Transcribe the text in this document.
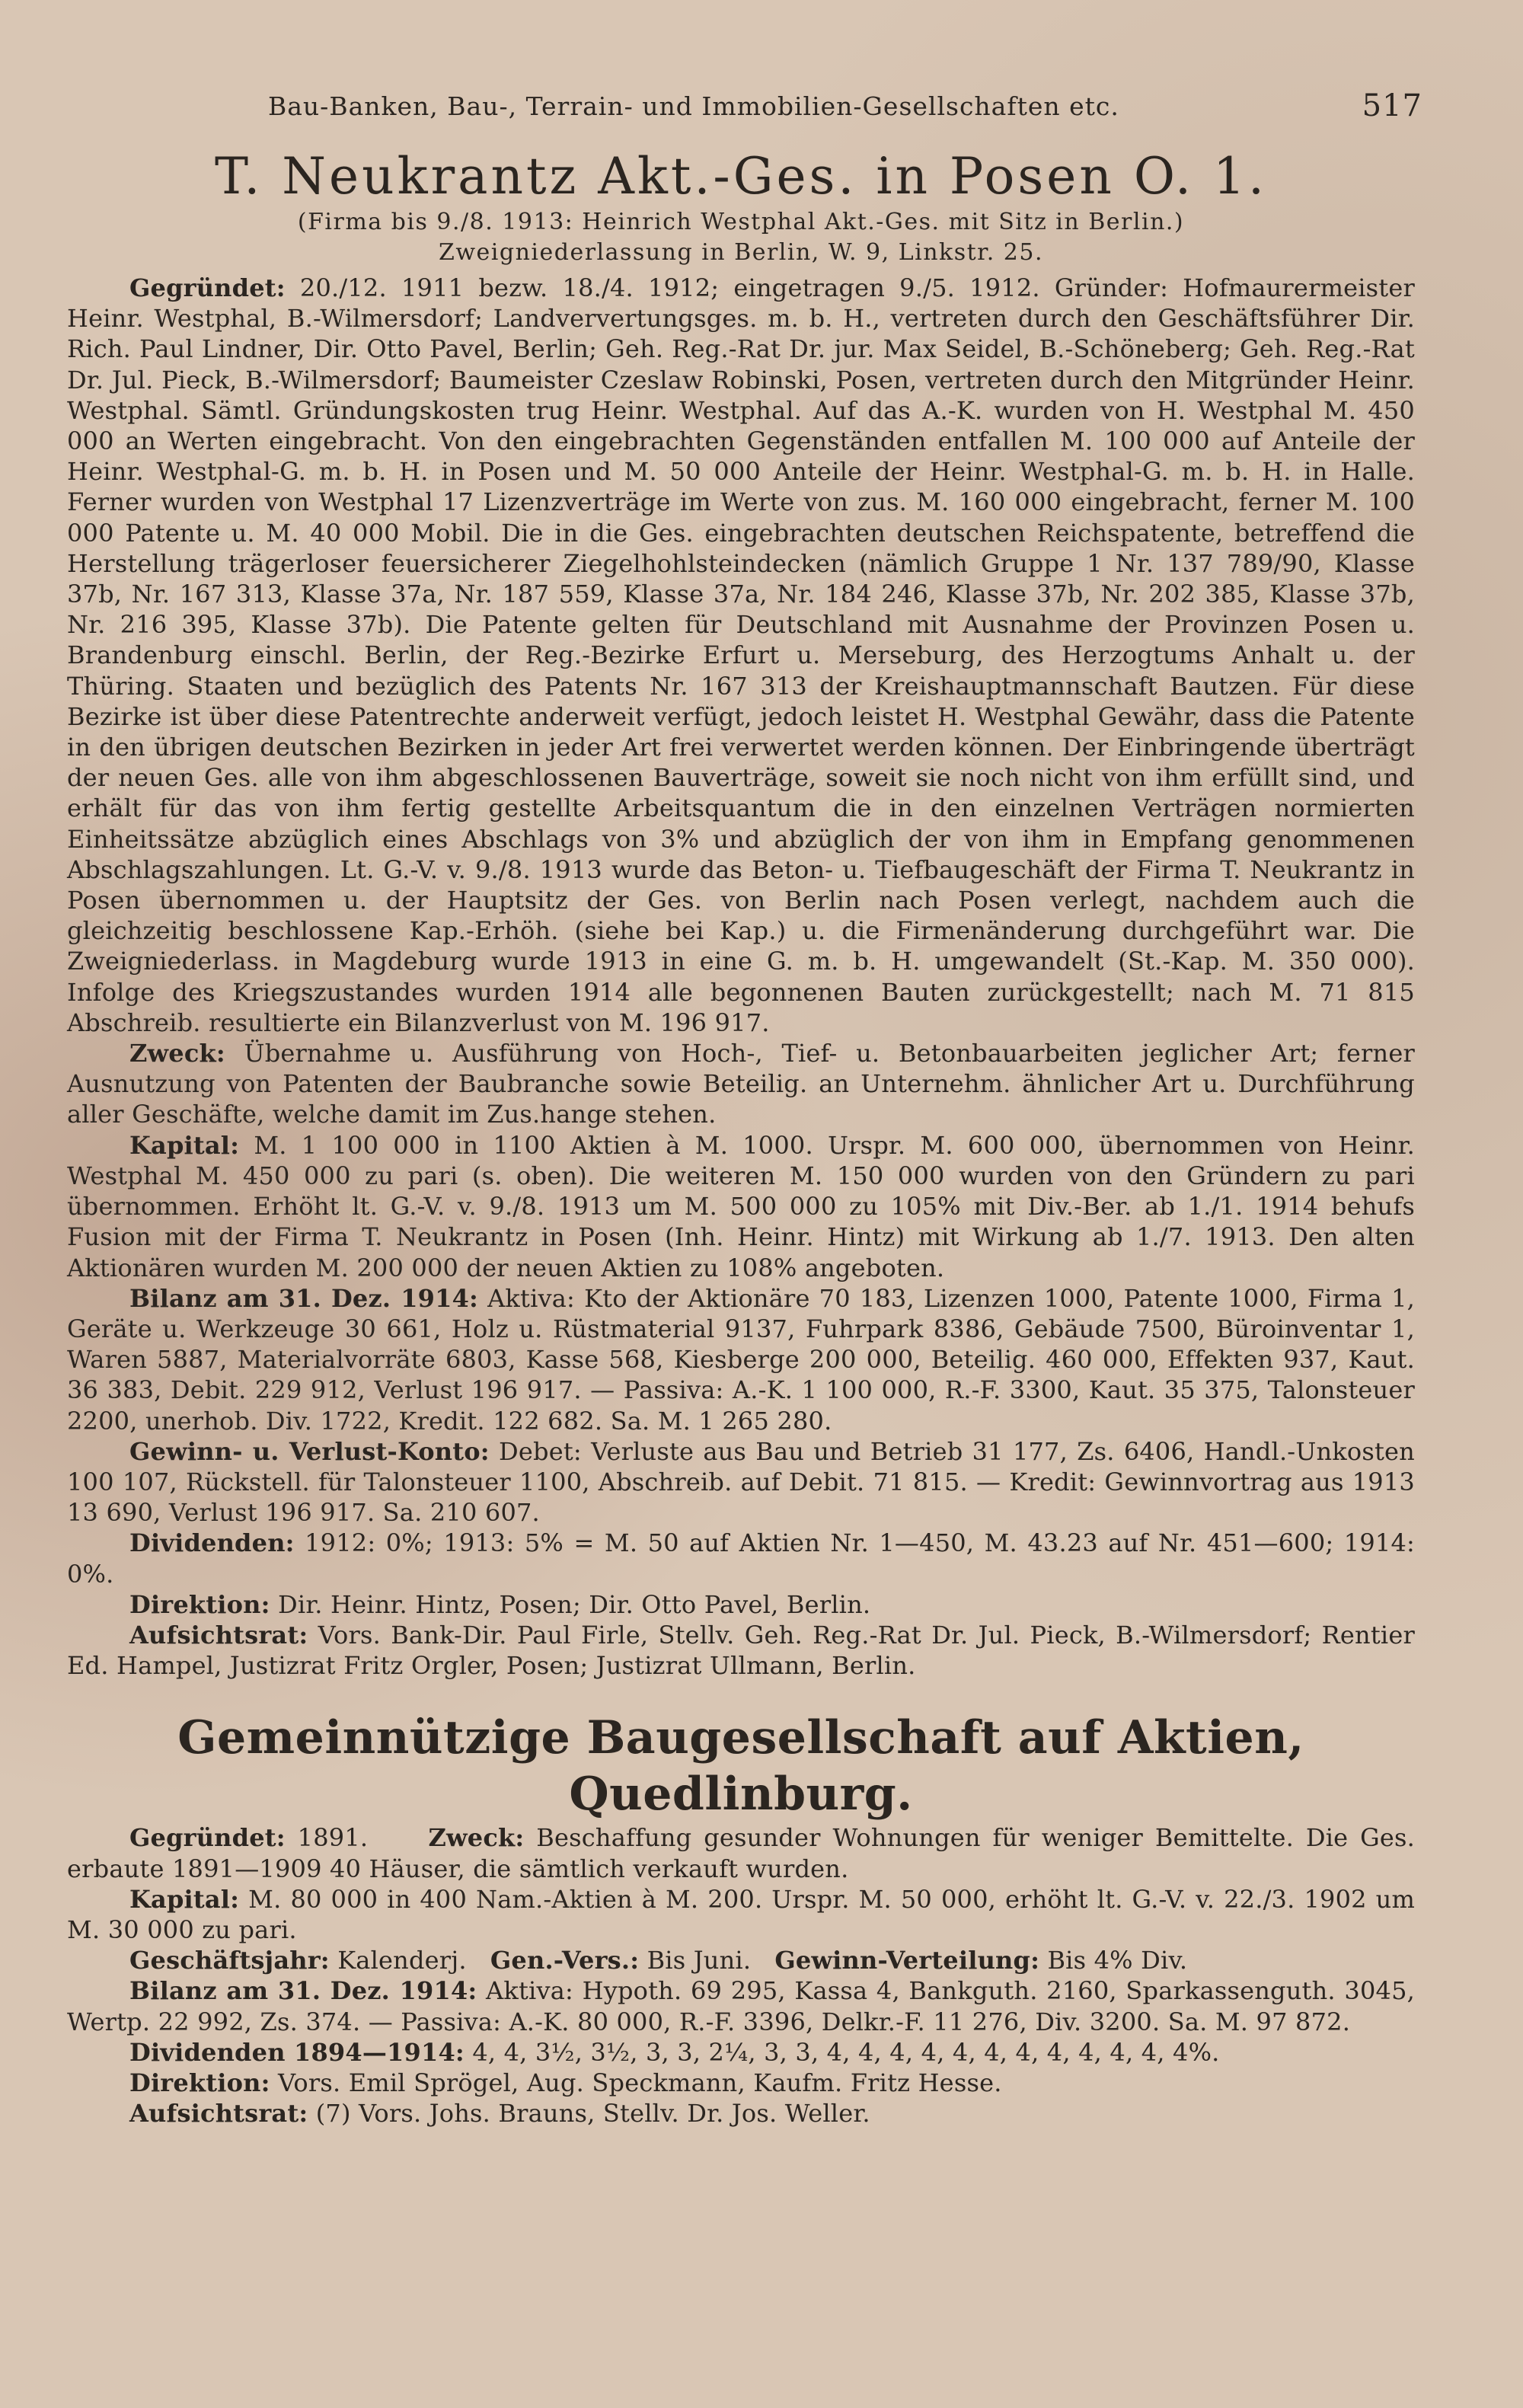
Bau-Banken, Bau-, Terrain- und Immobilien-Gesellschaften etc.	517
T. Neukrantz Akt.-Ges. in Posen O. 1.
(Firma bis 9./8. 1913: Heinrich Westphal Akt.-Ges. mit Sitz in Berlin.)
Zweigniederlassung in Berlin, W. 9, Linkstr. 25.

Gegründet: 20./12. 1911 bezw. 18./4. 1912; eingetragen 9./5. 1912. Gründer: Hofmaurermeister Heinr. Westphal, B.-Wilmersdorf; Landververtungsges. m. b. H., vertreten durch den Geschäftsführer Dir. Rich. Paul Lindner, Dir. Otto Pavel, Berlin; Geh. Reg.-Rat Dr. jur. Max Seidel, B.-Schöneberg; Geh. Reg.-Rat Dr. Jul. Pieck, B.-Wilmersdorf; Baumeister Czeslaw Robinski, Posen, vertreten durch den Mitgründer Heinr. Westphal. Sämtl. Gründungskosten trug Heinr. Westphal. Auf das A.-K. wurden von H. Westphal M. 450 000 an Werten eingebracht. Von den eingebrachten Gegenständen entfallen M. 100 000 auf Anteile der Heinr. Westphal-G. m. b. H. in Posen und M. 50 000 Anteile der Heinr. Westphal-G. m. b. H. in Halle. Ferner wurden von Westphal 17 Lizenzverträge im Werte von zus. M. 160 000 eingebracht, ferner M. 100 000 Patente u. M. 40 000 Mobil. Die in die Ges. eingebrachten deutschen Reichspatente, betreffend die Herstellung trägerloser feuersicherer Ziegelhohlsteindecken (nämlich Gruppe 1 Nr. 137 789/90, Klasse 37b, Nr. 167 313, Klasse 37a, Nr. 187 559, Klasse 37a, Nr. 184 246, Klasse 37b, Nr. 202 385, Klasse 37b, Nr. 216 395, Klasse 37b). Die Patente gelten für Deutschland mit Ausnahme der Provinzen Posen u. Brandenburg einschl. Berlin, der Reg.-Bezirke Erfurt u. Merseburg, des Herzogtums Anhalt u. der Thüring. Staaten und bezüglich des Patents Nr. 167 313 der Kreishauptmannschaft Bautzen. Für diese Bezirke ist über diese Patentrechte anderweit verfügt, jedoch leistet H. Westphal Gewähr, dass die Patente in den übrigen deutschen Bezirken in jeder Art frei verwertet werden können. Der Einbringende überträgt der neuen Ges. alle von ihm abgeschlossenen Bauverträge, soweit sie noch nicht von ihm erfüllt sind, und erhält für das von ihm fertig gestellte Arbeitsquantum die in den einzelnen Verträgen normierten Einheitssätze abzüglich eines Abschlags von 3% und abzüglich der von ihm in Empfang genommenen Abschlagszahlungen. Lt. G.-V. v. 9./8. 1913 wurde das Beton- u. Tiefbaugeschäft der Firma T. Neukrantz in Posen übernommen u. der Hauptsitz der Ges. von Berlin nach Posen verlegt, nachdem auch die gleichzeitig beschlossene Kap.-Erhöh. (siehe bei Kap.) u. die Firmenänderung durchgeführt war. Die Zweigniederlass. in Magdeburg wurde 1913 in eine G. m. b. H. umgewandelt (St.-Kap. M. 350 000). Infolge des Kriegszustandes wurden 1914 alle begonnenen Bauten zurückgestellt; nach M. 71 815 Abschreib. resultierte ein Bilanzverlust von M. 196 917.

Zweck: Übernahme u. Ausführung von Hoch-, Tief- u. Betonbauarbeiten jeglicher Art; ferner Ausnutzung von Patenten der Baubranche sowie Beteilig. an Unternehm. ähnlicher Art u. Durchführung aller Geschäfte, welche damit im Zus.hange stehen.

Kapital: M. 1 100 000 in 1100 Aktien à M. 1000. Urspr. M. 600 000, übernommen von Heinr. Westphal M. 450 000 zu pari (s. oben). Die weiteren M. 150 000 wurden von den Gründern zu pari übernommen. Erhöht lt. G.-V. v. 9./8. 1913 um M. 500 000 zu 105% mit Div.-Ber. ab 1./1. 1914 behufs Fusion mit der Firma T. Neukrantz in Posen (Inh. Heinr. Hintz) mit Wirkung ab 1./7. 1913. Den alten Aktionären wurden M. 200 000 der neuen Aktien zu 108% angeboten.

Bilanz am 31. Dez. 1914: Aktiva: Kto der Aktionäre 70 183, Lizenzen 1000, Patente 1000, Firma 1, Geräte u. Werkzeuge 30 661, Holz u. Rüstmaterial 9137, Fuhrpark 8386, Gebäude 7500, Büroinventar 1, Waren 5887, Materialvorräte 6803, Kasse 568, Kiesberge 200 000, Beteilig. 460 000, Effekten 937, Kaut. 36 383, Debit. 229 912, Verlust 196 917. — Passiva: A.-K. 1 100 000, R.-F. 3300, Kaut. 35 375, Talonsteuer 2200, unerhob. Div. 1722, Kredit. 122 682. Sa. M. 1 265 280.

Gewinn- u. Verlust-Konto: Debet: Verluste aus Bau und Betrieb 31 177, Zs. 6406, Handl.-Unkosten 100 107, Rückstell. für Talonsteuer 1100, Abschreib. auf Debit. 71 815. — Kredit: Gewinnvortrag aus 1913 13 690, Verlust 196 917. Sa. 210 607.

Dividenden: 1912: 0%; 1913: 5% = M. 50 auf Aktien Nr. 1—450, M. 43.23 auf Nr. 451—600; 1914: 0%.

Direktion: Dir. Heinr. Hintz, Posen; Dir. Otto Pavel, Berlin.

Aufsichtsrat: Vors. Bank-Dir. Paul Firle, Stellv. Geh. Reg.-Rat Dr. Jul. Pieck, B.-Wilmersdorf; Rentier Ed. Hampel, Justizrat Fritz Orgler, Posen; Justizrat Ullmann, Berlin.

Gemeinnützige Baugesellschaft auf Aktien, Quedlinburg.

Gegründet: 1891. Zweck: Beschaffung gesunder Wohnungen für weniger Bemittelte. Die Ges. erbaute 1891—1909 40 Häuser, die sämtlich verkauft wurden.

Kapital: M. 80 000 in 400 Nam.-Aktien à M. 200. Urspr. M. 50 000, erhöht lt. G.-V. v. 22./3. 1902 um M. 30 000 zu pari.

Geschäftsjahr: Kalenderj. Gen.-Vers.: Bis Juni. Gewinn-Verteilung: Bis 4% Div.

Bilanz am 31. Dez. 1914: Aktiva: Hypoth. 69 295, Kassa 4, Bankguth. 2160, Sparkassenguth. 3045, Wertp. 22 992, Zs. 374. — Passiva: A.-K. 80 000, R.-F. 3396, Delkr.-F. 11 276, Div. 3200. Sa. M. 97 872.

Dividenden 1894—1914: 4, 4, 3½, 3½, 3, 3, 2¼, 3, 3, 4, 4, 4, 4, 4, 4, 4, 4, 4, 4, 4, 4%.

Direktion: Vors. Emil Sprögel, Aug. Speckmann, Kaufm. Fritz Hesse.

Aufsichtsrat: (7) Vors. Johs. Brauns, Stellv. Dr. Jos. Weller.
